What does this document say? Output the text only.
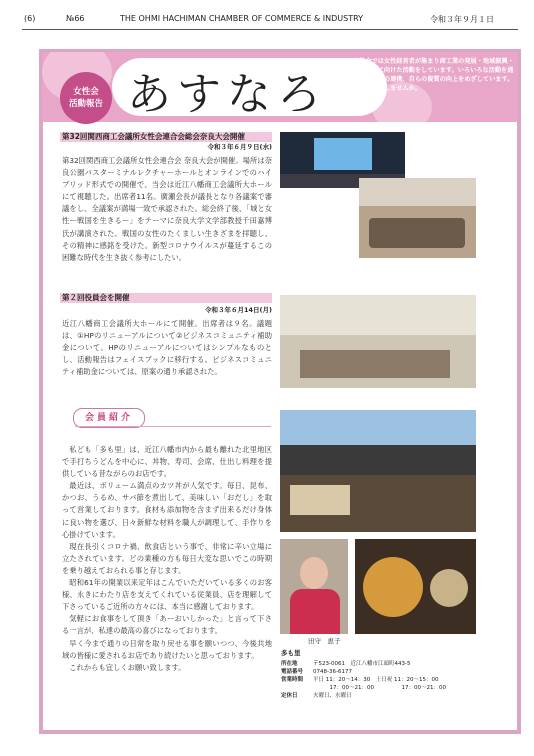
(6)	№66	THE OHMI HACHIMAN CHAMBER OF COMMERCE & INDUSTRY	令和３年９月１日
あすなろ
女性会
活動報告
女性会では女性経営者が集まり商工業の発展・地域振興・社会貢献に向けた活動をしています。いろいろな活動を通じ会員相互の連携、自らの資質の向上をめざしています。一緒に活動しませんか。
第32回関西商工会議所女性会連合会総会奈良大会開催
令和３年６月９日(水)
第32回関西商工会議所女性会連合会 奈良大会が開催。場所は奈良公園バスターミナルレクチャーホールとオンラインでのハイブリッド形式での開催で、当会は近江八幡商工会議所大ホールにて視聴した。出席者11名。廣瀬会長が議長となり各議案で審議をし、全議案が満場一致で承認された。総会終了後、「城と女性ー戦国を生きるー」をテーマに奈良大学文学部教授千田嘉博氏が講演された。戦国の女性のたくましい生きざまを拝聴し、その精神に感銘を受けた。新型コロナウイルスが蔓延するこの困難な時代を生き抜く参考にしたい。
第２回役員会を開催
令和３年６月14日(月)
近江八幡商工会議所大ホールにて開催。出席者は９名。議題は、①HPのリニューアルについて②ビジネスコミュニティ補助金について。HPのリニューアルについてはシンプルなものとし、活動報告はフェイスブックに移行する。ビジネスコミュニティ補助金については、原案の通り承認された。
会員紹介
私ども「多も里」は、近江八幡市内から最も離れた北里地区で手打ちうどんを中心に、丼物、寿司、会席、仕出し料理を提供している昔ながらのお店です。
最近は、ボリューム満点のカツ丼が人気です。毎日、昆布、かつお、うるめ、サバ節を煮出して、美味しい「おだし」を取って営業しております。食材も添加物を含まず出来るだけ身体に良い物を選び、日々新鮮な材料を職人が調理して、手作りを心掛けています。
現在長引くコロナ禍、飲食店という事で、非常に辛い立場に立たされています。どの業種の方も毎日大変な思いでこの時期を乗り越えておられる事と存じます。
昭和61年の開業以来定年はこんでいただいている多くのお客様、永きにわたり店を支えてくれている従業員、店を理解して下さっているご近所の方々には、本当に感謝しております。
気軽にお食事をして頂き「あーおいしかった」と言って下さる一言が、私達の最高の喜びになっております。
早く今まで通りの日常を取り戻せる事を願いつつ、今後共地域の皆様に愛されるお店であり続けたいと思っております。
これからも宜しくお願い致します。
田守　恵子
多も里
所在地	〒523-0061　近江八幡市江頭町443-5
電話番号 0748-36-6177
営業時間 平日 11：20～14：30　土日祝 11：20～15：00
　　　17：00～21：00　　　　　17：00～21：00
定休日	火曜日、水曜日
